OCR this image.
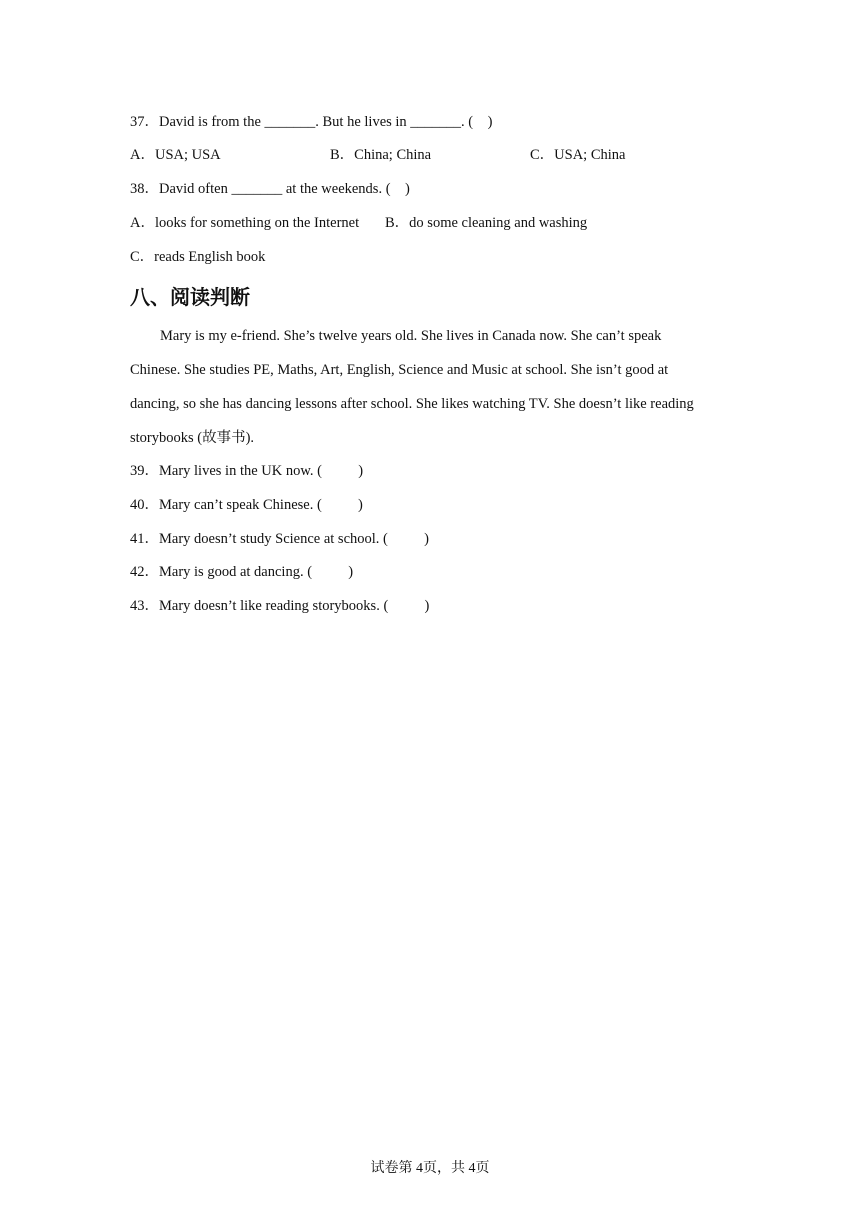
37．David is from the _______. But he lives in _______. (    )
A．USA; USA	B．China; China	C．USA; China
38．David often _______ at the weekends. (    )
A．looks for something on the Internet B．do some cleaning and washing
C．reads English book
八、阅读判断
Mary is my e-friend. She’s twelve years old. She lives in Canada now. She can’t speak
Chinese. She studies PE, Maths, Art, English, Science and Music at school. She isn’t good at
dancing, so she has dancing lessons after school. She likes watching TV. She doesn’t like reading
storybooks (故事书).
39．Mary lives in the UK now. (          )
40．Mary can’t speak Chinese. (          )
41．Mary doesn’t study Science at school. (          )
42．Mary is good at dancing. (          )
43．Mary doesn’t like reading storybooks. (          )
试卷第 4页，共 4页
